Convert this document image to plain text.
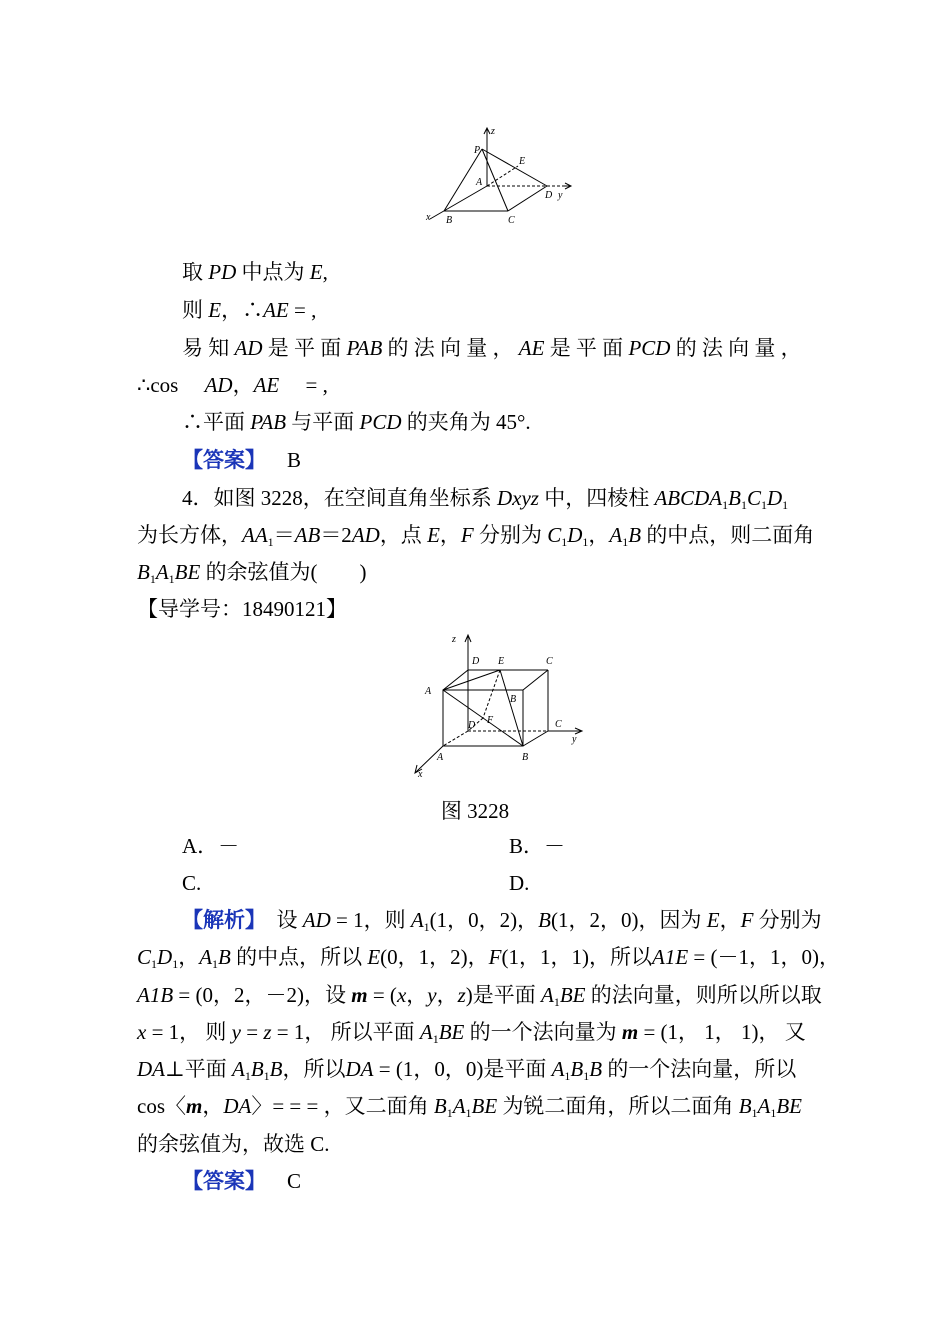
z
P
E
A
D y
x B	C
取 PD 中点为 E,
则 E，∴AE = ,
易 知 AD 是 平 面 PAB 的 法 向 量 ， AE 是 平 面 PCD 的 法 向 量 ，
∴cos  AD，AE  = ,
∴平面 PAB 与平面 PCD 的夹角为 45°.
【答案】   B
4．如图 3228，在空间直角坐标系 Dxyz 中，四棱柱 $ABCDA_1B_1C_1D_1$
为长方体，$AA_1=AB=2AD$，点 E，F 分别为 $C_1D_1$，$A_1B$ 的中点，则二面角
$B_1A_1BE$ 的余弦值为(　　)
【导学号：18490121】
z
D E	C
A
B
F
D	C
y
A	B
x
图 3228
A．－	B．－
C.	D.
【解析】　设 AD = 1，则 $A_1(1$，0，2)，B(1，2，0)，因为 E，F 分别为
$C_1D_1$，$A_1B$ 的中点，所以 E(0，1，2)，F(1，1，1)，所以A1E = (－1，1，0)，
A1B = (0，2，－2)，设 m = (x，y，z)是平面 $A_1BE$ 的法向量，则所以所以取
x = 1， 则 y = z = 1， 所以平面 $A_1BE$ 的一个法向量为 m = (1， 1， 1)， 又
DA⊥平面 $A_1B_1B$，所以DA = (1，0，0)是平面 $A_1B_1B$ 的一个法向量，所以
cos〈m，DA〉= = = ，又二面角 $B_1A_1BE$ 为锐二面角，所以二面角 $B_1A_1BE$
的余弦值为，故选 C.
【答案】   C
